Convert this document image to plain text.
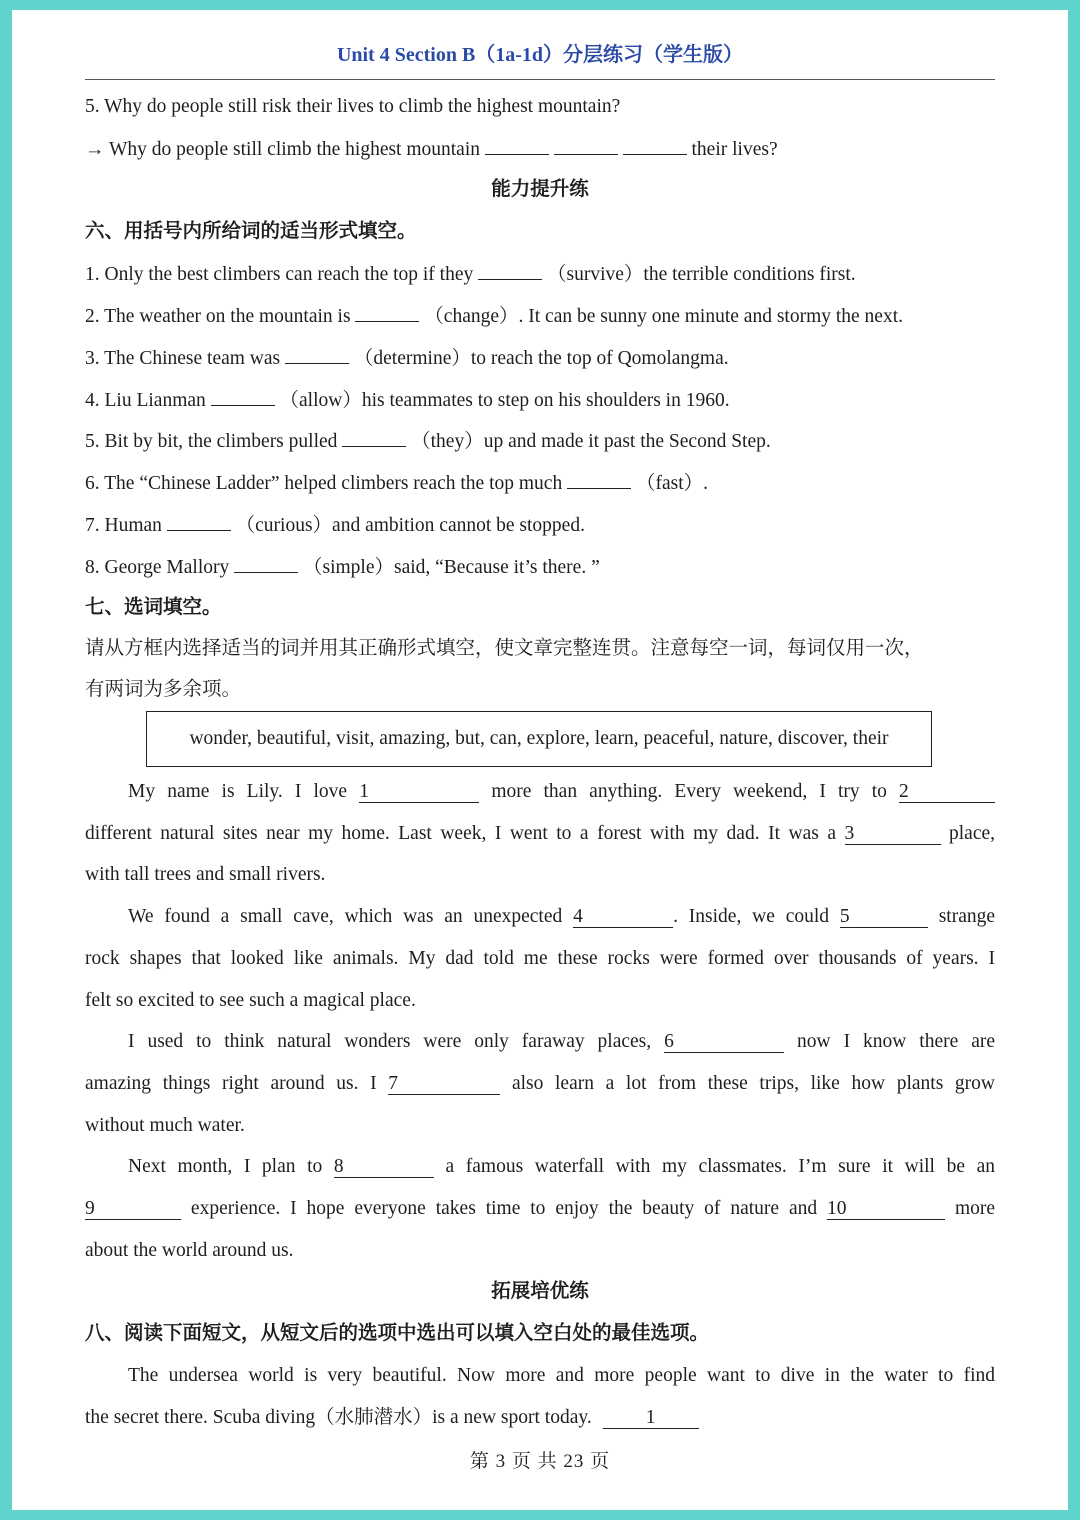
Unit 4 Section B（1a-1d）分层练习（学生版）
5. Why do people still risk their lives to climb the highest mountain?
→ Why do people still climb the highest mountain	their lives?
能力提升练
六、用括号内所给词的适当形式填空。
1. Only the best climbers can reach the top if they	（survive）the terrible conditions first.
2. The weather on the mountain is	（change）. It can be sunny one minute and stormy the next.
3. The Chinese team was	（determine）to reach the top of Qomolangma.
4. Liu Lianman	（allow）his teammates to step on his shoulders in 1960.
5. Bit by bit, the climbers pulled	（they）up and made it past the Second Step.
6. The “Chinese Ladder” helped climbers reach the top much	（fast）.
7. Human	（curious）and ambition cannot be stopped.
8. George Mallory	（simple）said, “Because it’s there. ”
七、选词填空。
请从方框内选择适当的词并用其正确形式填空，使文章完整连贯。注意每空一词，每词仅用一次，
有两词为多余项。
wonder, beautiful, visit, amazing, but, can, explore, learn, peaceful, nature, discover, their
My name is Lily. I love 1	more than anything. Every weekend, I try to 2
different natural sites near my home. Last week, I went to a forest with my dad. It was a 3	place,
with tall trees and small rivers.
We found a small cave, which was an unexpected 4	. Inside, we could 5	strange
rock shapes that looked like animals. My dad told me these rocks were formed over thousands of years. I
felt so excited to see such a magical place.
I used to think natural wonders were only faraway places, 6	now I know there are
amazing things right around us. I 7	also learn a lot from these trips, like how plants grow
without much water.
Next month, I plan to 8	a famous waterfall with my classmates. I’m sure it will be an
9	experience. I hope everyone takes time to enjoy the beauty of nature and 10	more
about the world around us.
拓展培优练
八、阅读下面短文，从短文后的选项中选出可以填入空白处的最佳选项。
The undersea world is very beautiful. Now more and more people want to dive in the water to find
the secret there. Scuba diving（水肺潜水）is a new sport today.	1
第 3 页 共 23 页
